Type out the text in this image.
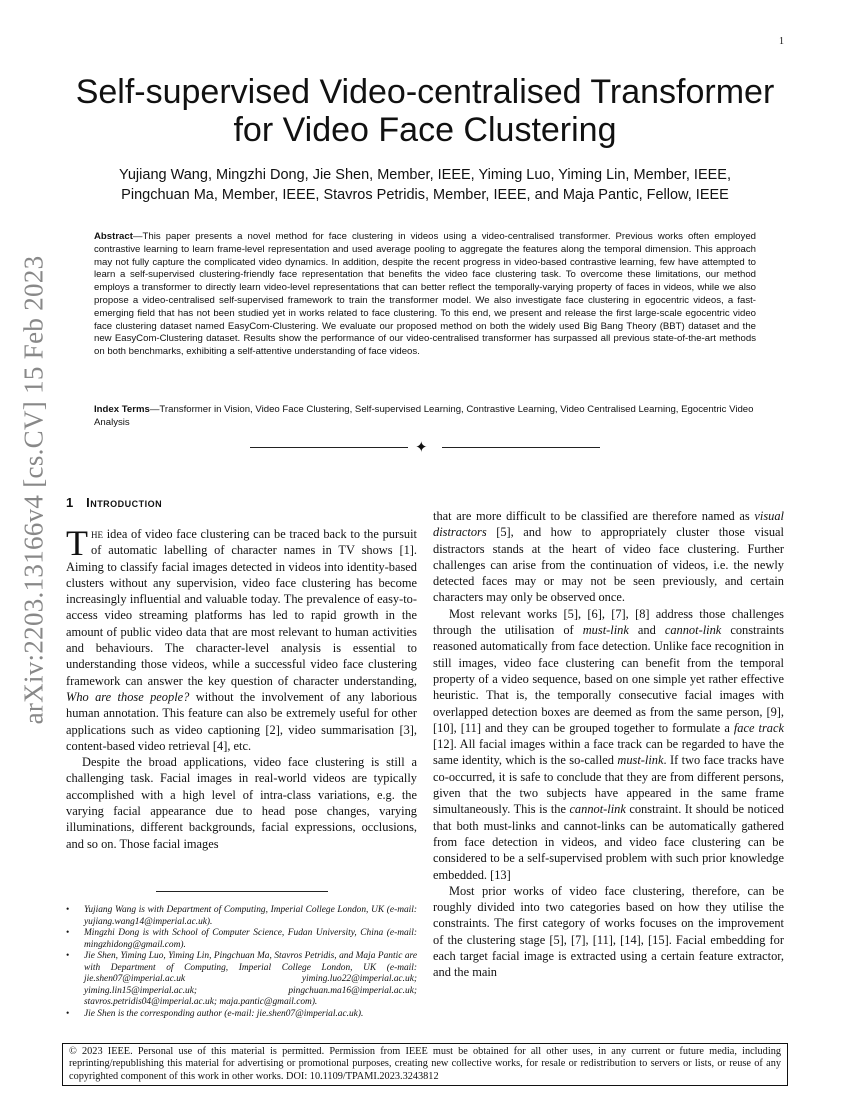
1
arXiv:2203.13166v4 [cs.CV] 15 Feb 2023
Self-supervised Video-centralised Transformer for Video Face Clustering
Yujiang Wang, Mingzhi Dong, Jie Shen, Member, IEEE, Yiming Luo, Yiming Lin, Member, IEEE,
Pingchuan Ma, Member, IEEE, Stavros Petridis, Member, IEEE, and Maja Pantic, Fellow, IEEE
Abstract—This paper presents a novel method for face clustering in videos using a video-centralised transformer. Previous works often employed contrastive learning to learn frame-level representation and used average pooling to aggregate the features along the temporal dimension. This approach may not fully capture the complicated video dynamics. In addition, despite the recent progress in video-based contrastive learning, few have attempted to learn a self-supervised clustering-friendly face representation that benefits the video face clustering task. To overcome these limitations, our method employs a transformer to directly learn video-level representations that can better reflect the temporally-varying property of faces in videos, while we also propose a video-centralised self-supervised framework to train the transformer model. We also investigate face clustering in egocentric videos, a fast-emerging field that has not been studied yet in works related to face clustering. To this end, we present and release the first large-scale egocentric video face clustering dataset named EasyCom-Clustering. We evaluate our proposed method on both the widely used Big Bang Theory (BBT) dataset and the new EasyCom-Clustering dataset. Results show the performance of our video-centralised transformer has surpassed all previous state-of-the-art methods on both benchmarks, exhibiting a self-attentive understanding of face videos.
Index Terms—Transformer in Vision, Video Face Clustering, Self-supervised Learning, Contrastive Learning, Video Centralised Learning, Egocentric Video Analysis
✦
1 Introduction

The idea of video face clustering can be traced back to the pursuit of automatic labelling of character names in TV shows [1]. Aiming to classify facial images detected in videos into identity-based clusters without any supervision, video face clustering has become increasingly influential and valuable today. The prevalence of easy-to-access video streaming platforms has led to rapid growth in the amount of public video data that are most relevant to human activities and behaviours. The character-level analysis is essential to understanding those videos, while a successful video face clustering framework can answer the key question of character understanding, Who are those people? without the involvement of any laborious human annotation. This feature can also be extremely useful for other applications such as video captioning [2], video summarisation [3], content-based video retrieval [4], etc.

Despite the broad applications, video face clustering is still a challenging task. Facial images in real-world videos are typically accomplished with a high level of intra-class variations, e.g. the varying facial appearance due to head pose changes, varying illuminations, different backgrounds, facial expressions, occlusions, and so on. Those facial images

that are more difficult to be classified are therefore named as visual distractors [5], and how to appropriately cluster those visual distractors stands at the heart of video face clustering. Further challenges can arise from the continuation of videos, i.e. the newly detected faces may or may not be seen previously, and certain characters may only be observed once.

Most relevant works [5], [6], [7], [8] address those challenges through the utilisation of must-link and cannot-link constraints reasoned automatically from face detection. Unlike face recognition in still images, video face clustering can benefit from the temporal property of a video sequence, based on one simple yet rather effective heuristic. That is, the temporally consecutive facial images with overlapped detection boxes are deemed as from the same person, [9], [10], [11] and they can be grouped together to formulate a face track [12]. All facial images within a face track can be regarded to have the same identity, which is the so-called must-link. If two face tracks have co-occurred, it is safe to conclude that they are from different persons, given that the two subjects have appeared in the same frame simultaneously. This is the cannot-link constraint. It should be noticed that both must-links and cannot-links can be automatically gathered from face detection in videos, and video face clustering can be considered to be a self-supervised problem with such prior knowledge embedded. [13]

Most prior works of video face clustering, therefore, can be roughly divided into two categories based on how they utilise the constraints. The first category of works focuses on the improvement of the clustering stage [5], [7], [11], [14], [15]. Facial embedding for each target facial image is extracted using a certain feature extractor, and the main

• Yujiang Wang is with Department of Computing, Imperial College London, UK (e-mail: yujiang.wang14@imperial.ac.uk).
• Mingzhi Dong is with School of Computer Science, Fudan University, China (e-mail: mingzhidong@gmail.com).
• Jie Shen, Yiming Luo, Yiming Lin, Pingchuan Ma, Stavros Petridis, and Maja Pantic are with Department of Computing, Imperial College London, UK (e-mail: jie.shen07@imperial.ac.uk yiming.luo22@imperial.ac.uk; yiming.lin15@imperial.ac.uk; pingchuan.ma16@imperial.ac.uk; stavros.petridis04@imperial.ac.uk; maja.pantic@gmail.com).
• Jie Shen is the corresponding author (e-mail: jie.shen07@imperial.ac.uk).
© 2023 IEEE. Personal use of this material is permitted. Permission from IEEE must be obtained for all other uses, in any current or future media, including reprinting/republishing this material for advertising or promotional purposes, creating new collective works, for resale or redistribution to servers or lists, or reuse of any copyrighted component of this work in other works. DOI: 10.1109/TPAMI.2023.3243812
